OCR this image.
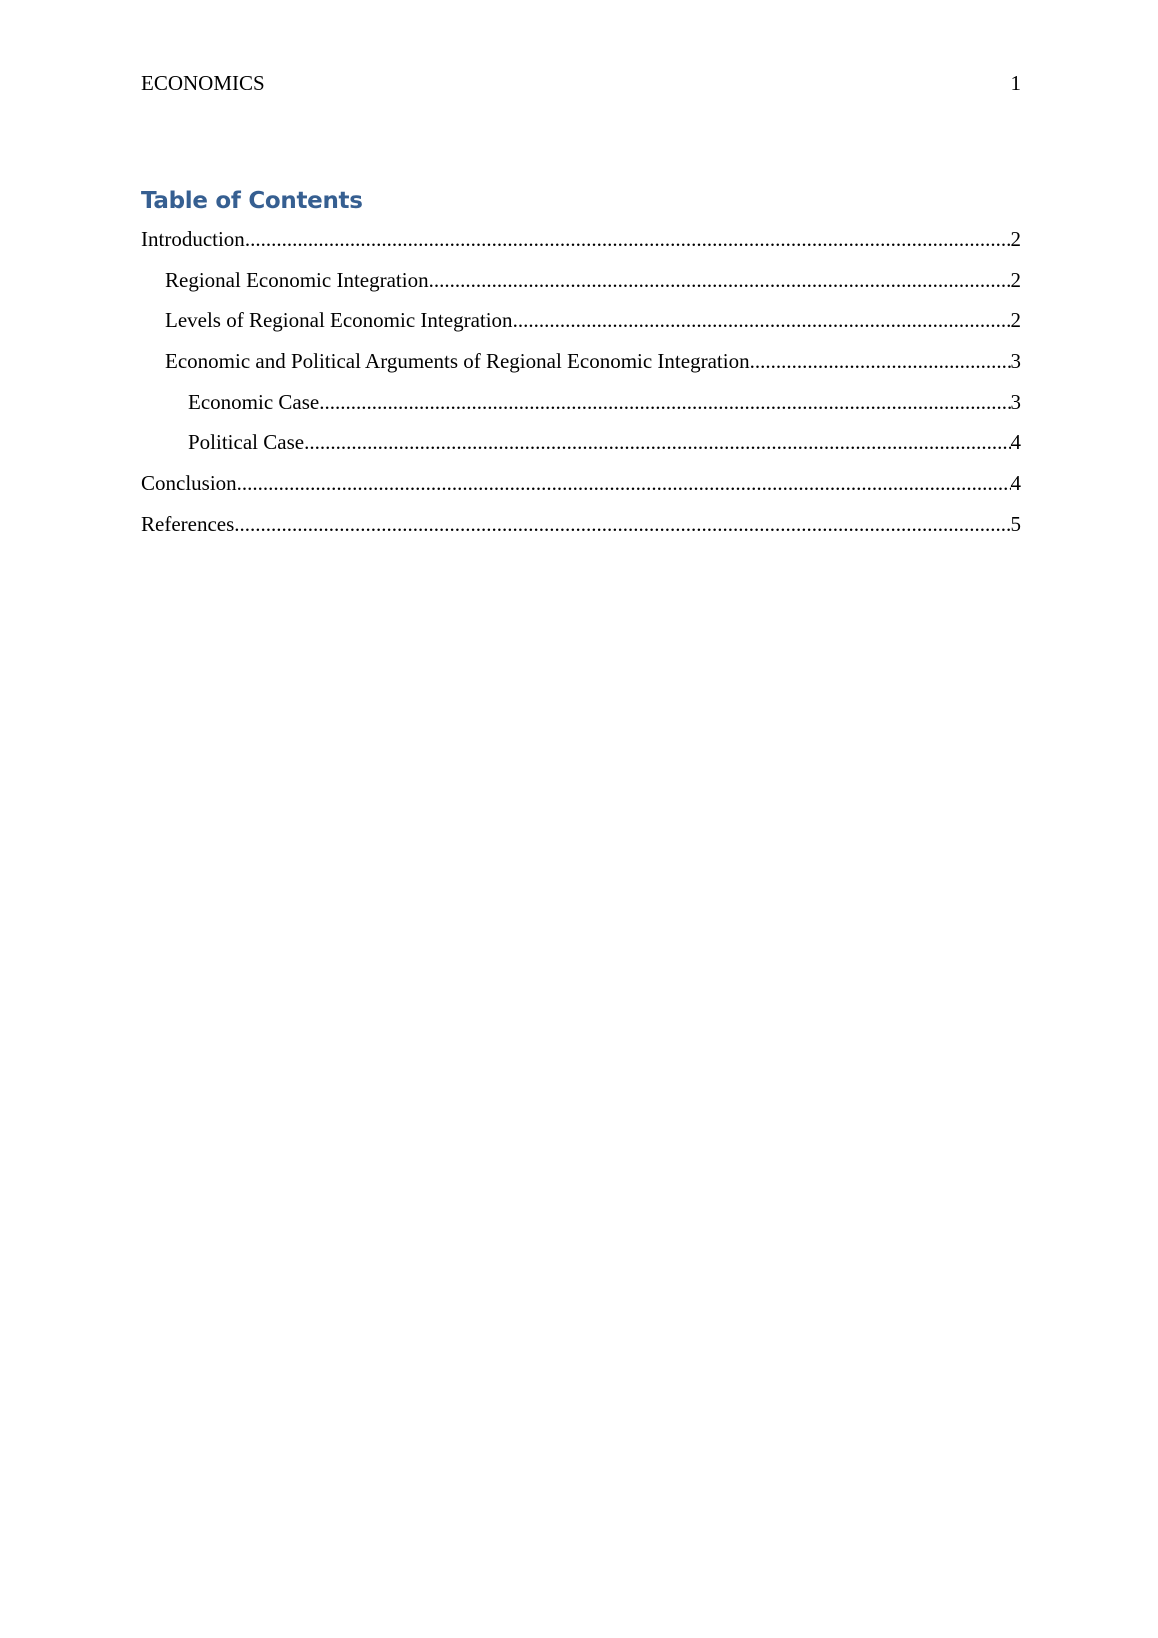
ECONOMICS	1
Table of Contents
Introduction .....	2
Regional Economic Integration .....	2
Levels of Regional Economic Integration .....	2
Economic and Political Arguments of Regional Economic Integration .....	3
Economic Case .....	3
Political Case .....	4
Conclusion .....	4
References .....	5
